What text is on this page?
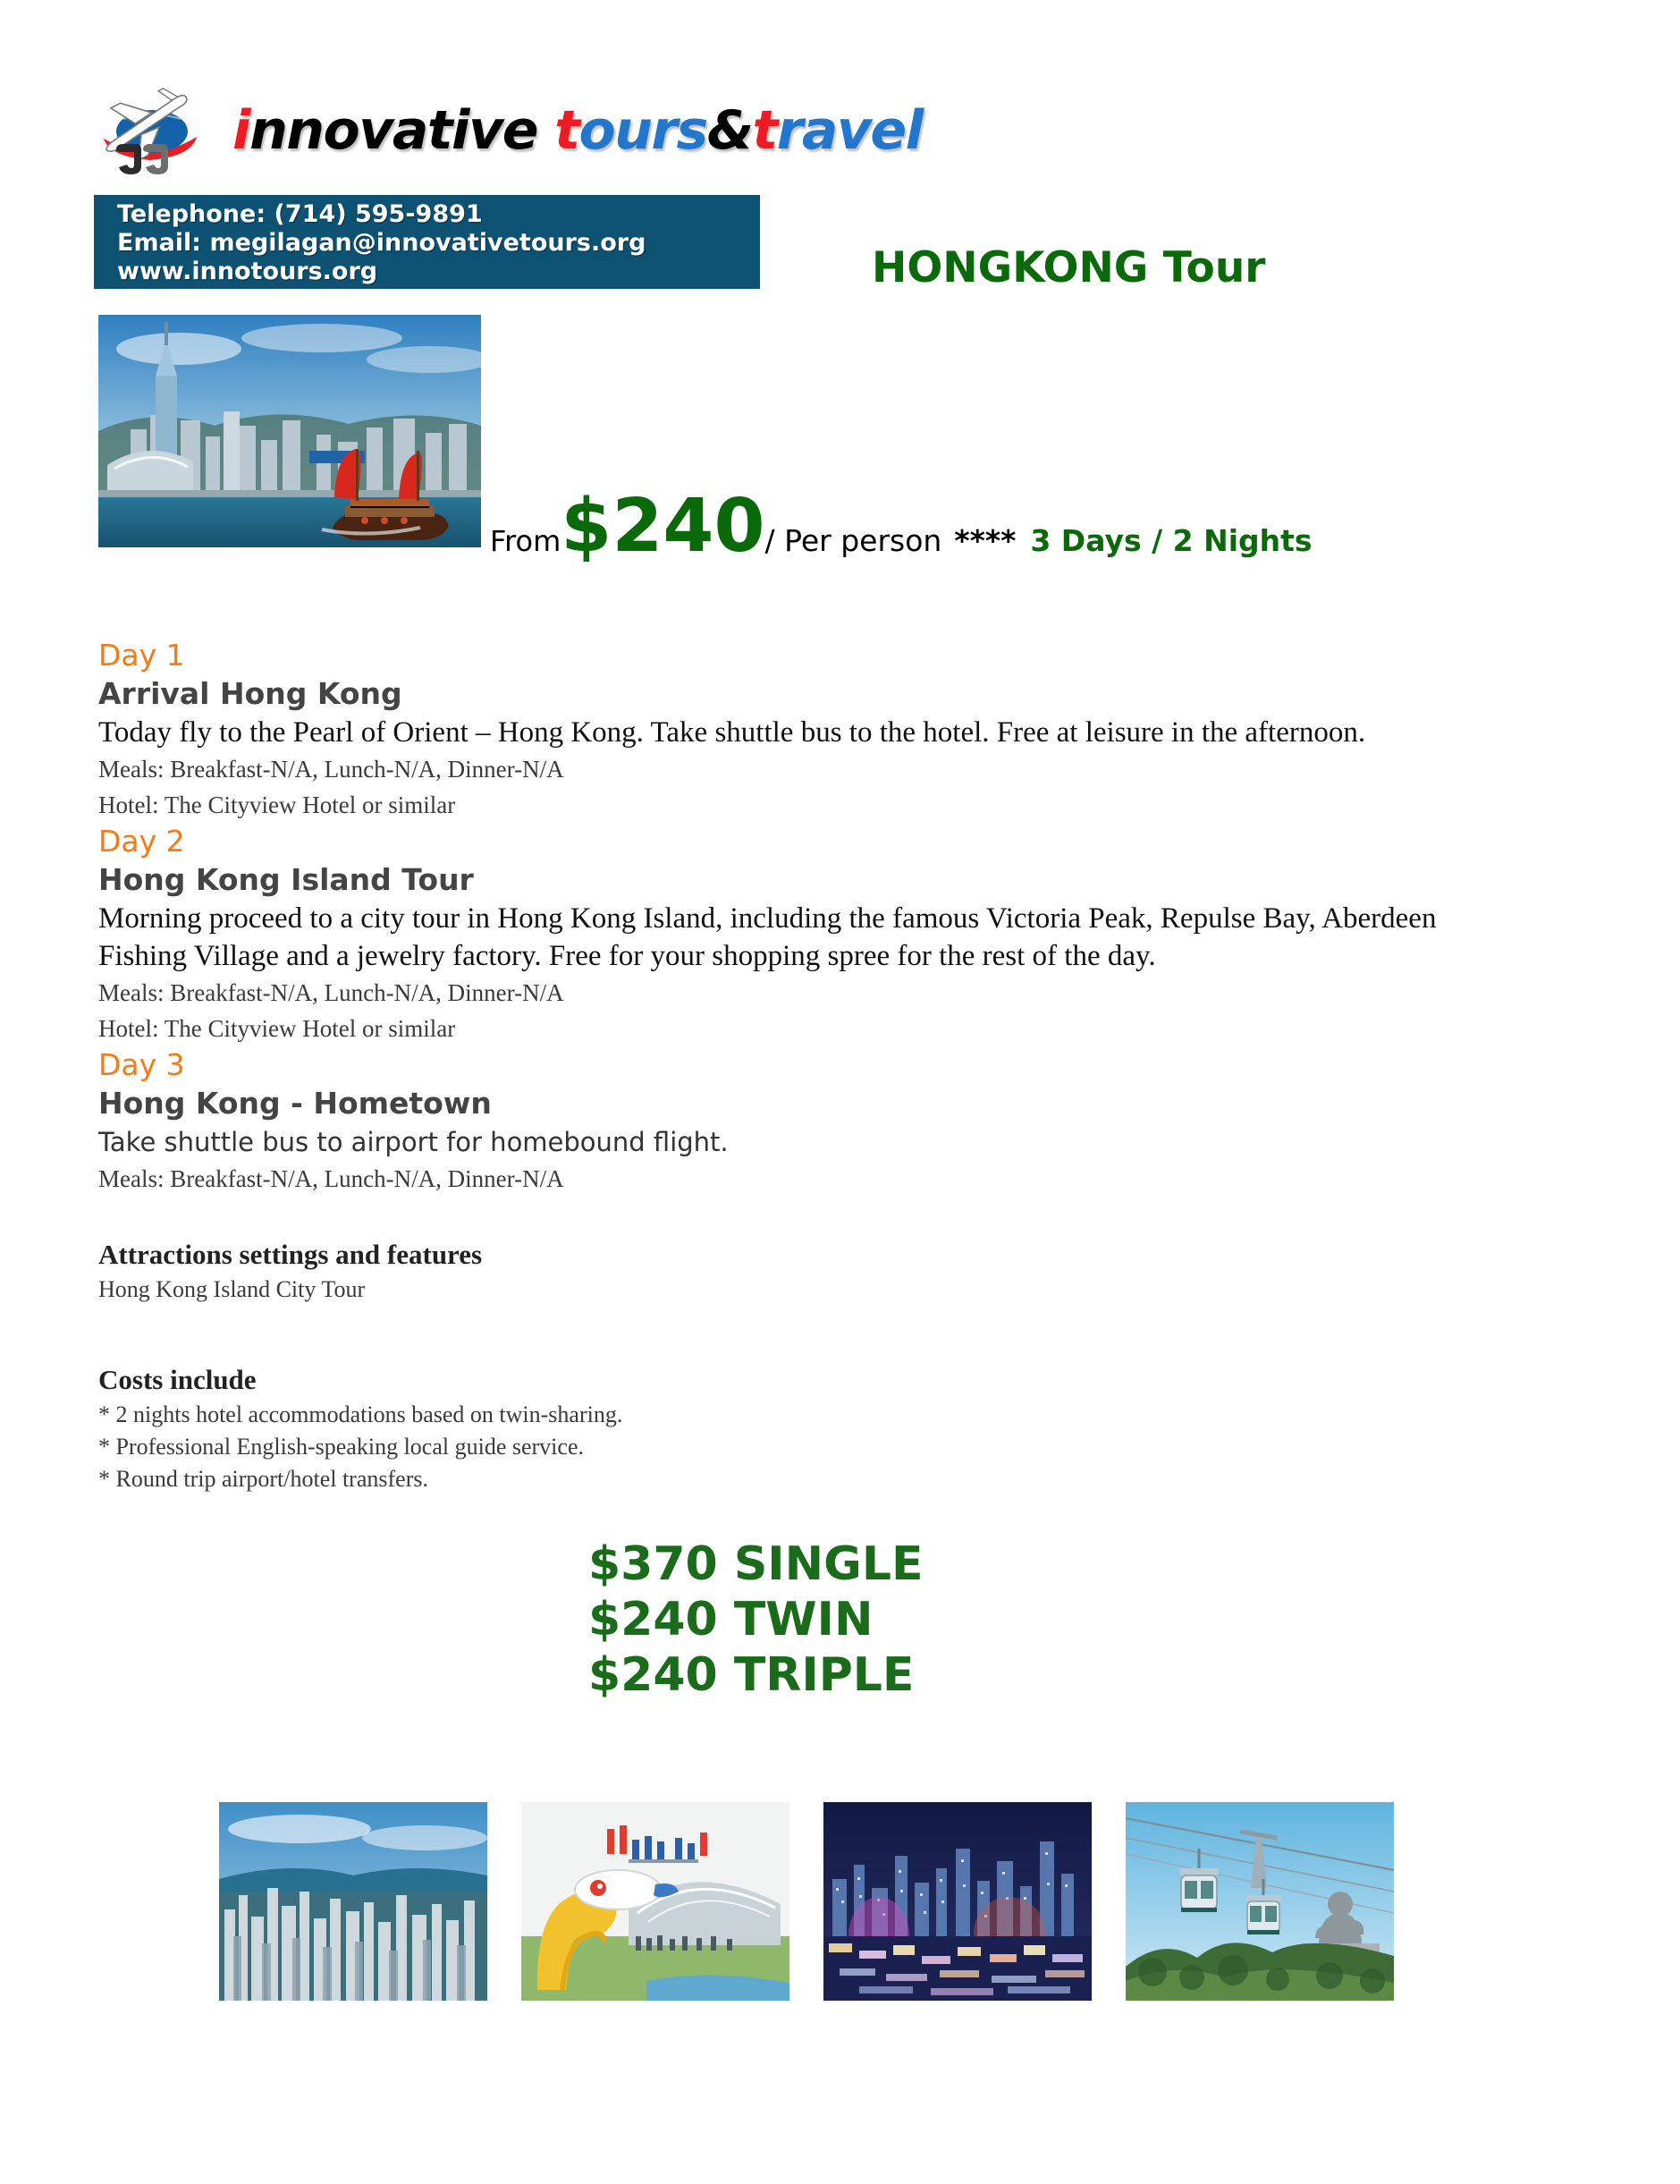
innovative tours&travel
Telephone: (714) 595-9891
Email: megilagan@innovativetours.org
www.innotours.org	HONGKONG Tour
From$240/ Per person **** 3 Days / 2 Nights

Day 1

Arrival Hong Kong

Today fly to the Pearl of Orient – Hong Kong. Take shuttle bus to the hotel. Free at leisure in the afternoon.

Meals: Breakfast-N/A, Lunch-N/A, Dinner-N/A

Hotel: The Cityview Hotel or similar

Day 2

Hong Kong Island Tour

Morning proceed to a city tour in Hong Kong Island, including the famous Victoria Peak, Repulse Bay, Aberdeen Fishing Village and a jewelry factory. Free for your shopping spree for the rest of the day.

Meals: Breakfast-N/A, Lunch-N/A, Dinner-N/A

Hotel: The Cityview Hotel or similar

Day 3

Hong Kong - Hometown

Take shuttle bus to airport for homebound flight.

Meals: Breakfast-N/A, Lunch-N/A, Dinner-N/A

Attractions settings and features

Hong Kong Island City Tour

Costs include

* 2 nights hotel accommodations based on twin-sharing.

* Professional English-speaking local guide service.

* Round trip airport/hotel transfers.

$370 SINGLE
$240 TWIN
$240 TRIPLE
